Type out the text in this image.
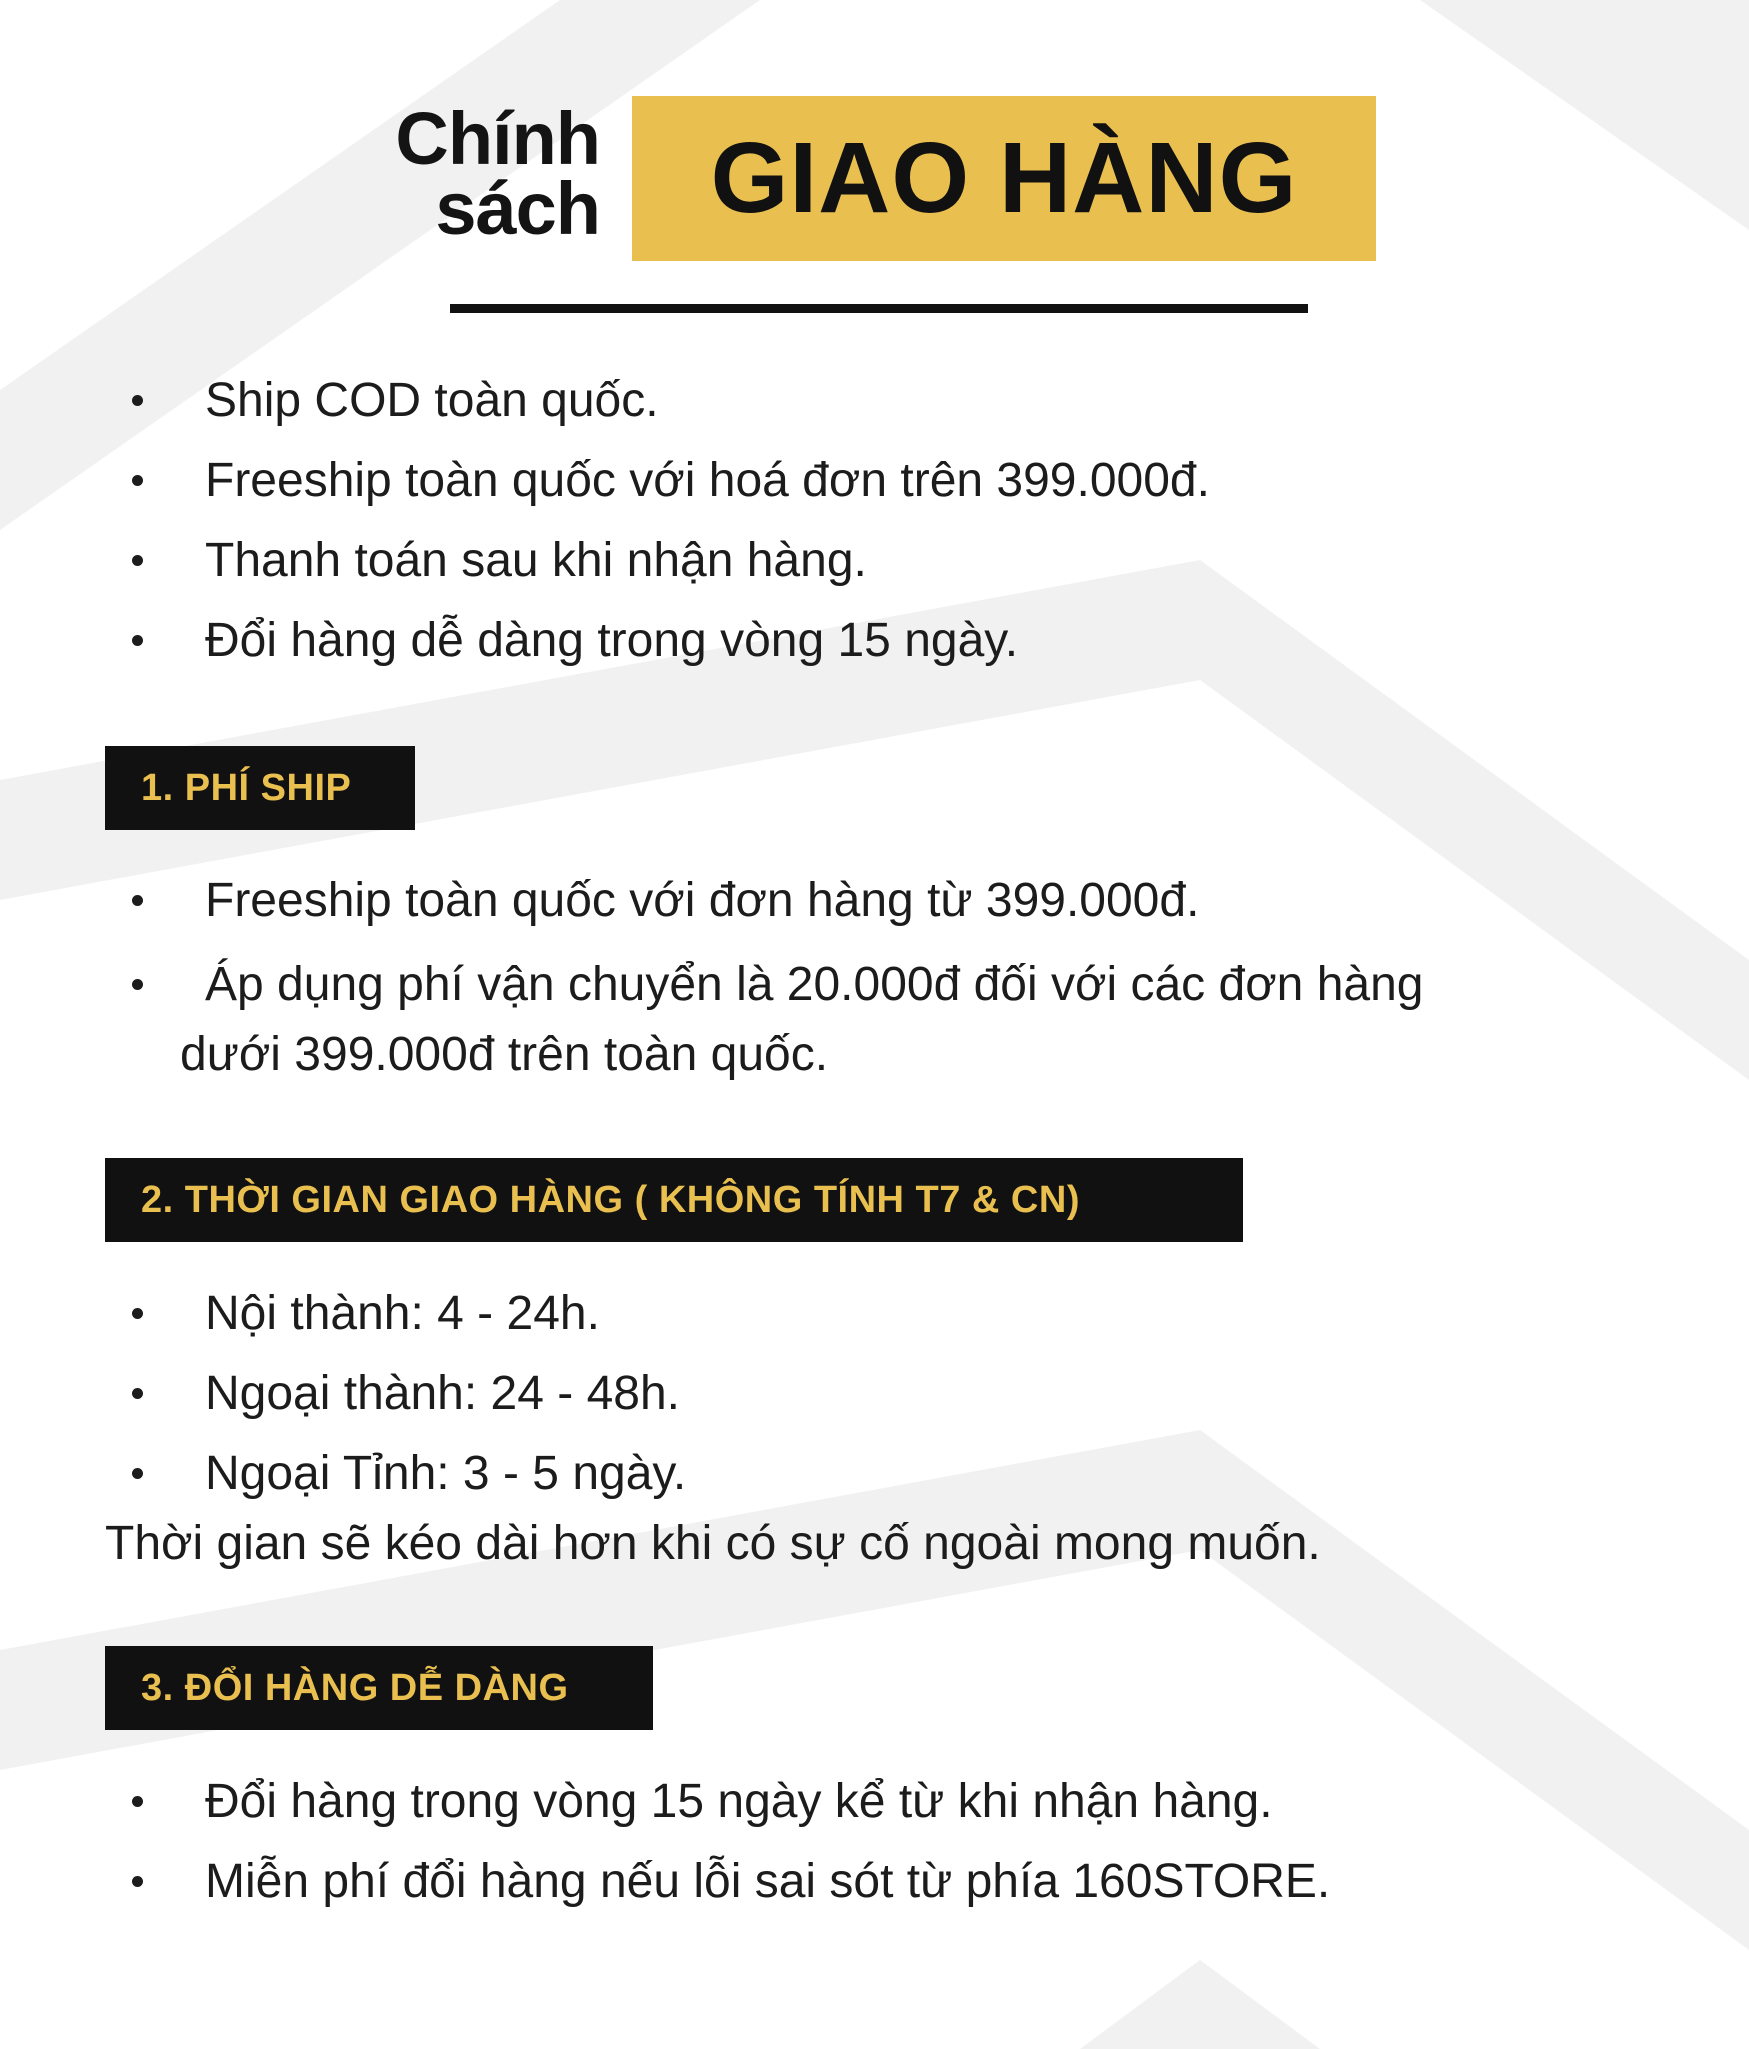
Chính
sách GIAO HÀNG
Ship COD toàn quốc.
Freeship toàn quốc với hoá đơn trên 399.000đ.
Thanh toán sau khi nhận hàng.
Đổi hàng dễ dàng trong vòng 15 ngày.
1. PHÍ SHIP
Freeship toàn quốc với đơn hàng từ 399.000đ.
Áp dụng phí vận chuyển là 20.000đ đối với các đơn hàng
dưới 399.000đ trên toàn quốc.
2. THỜI GIAN GIAO HÀNG ( KHÔNG TÍNH T7 & CN)
Nội thành: 4 - 24h.
Ngoại thành: 24 - 48h.
Ngoại Tỉnh: 3 - 5 ngày.
Thời gian sẽ kéo dài hơn khi có sự cố ngoài mong muốn.
3. ĐỔI HÀNG DỄ DÀNG
Đổi hàng trong vòng 15 ngày kể từ khi nhận hàng.
Miễn phí đổi hàng nếu lỗi sai sót từ phía 160STORE.
